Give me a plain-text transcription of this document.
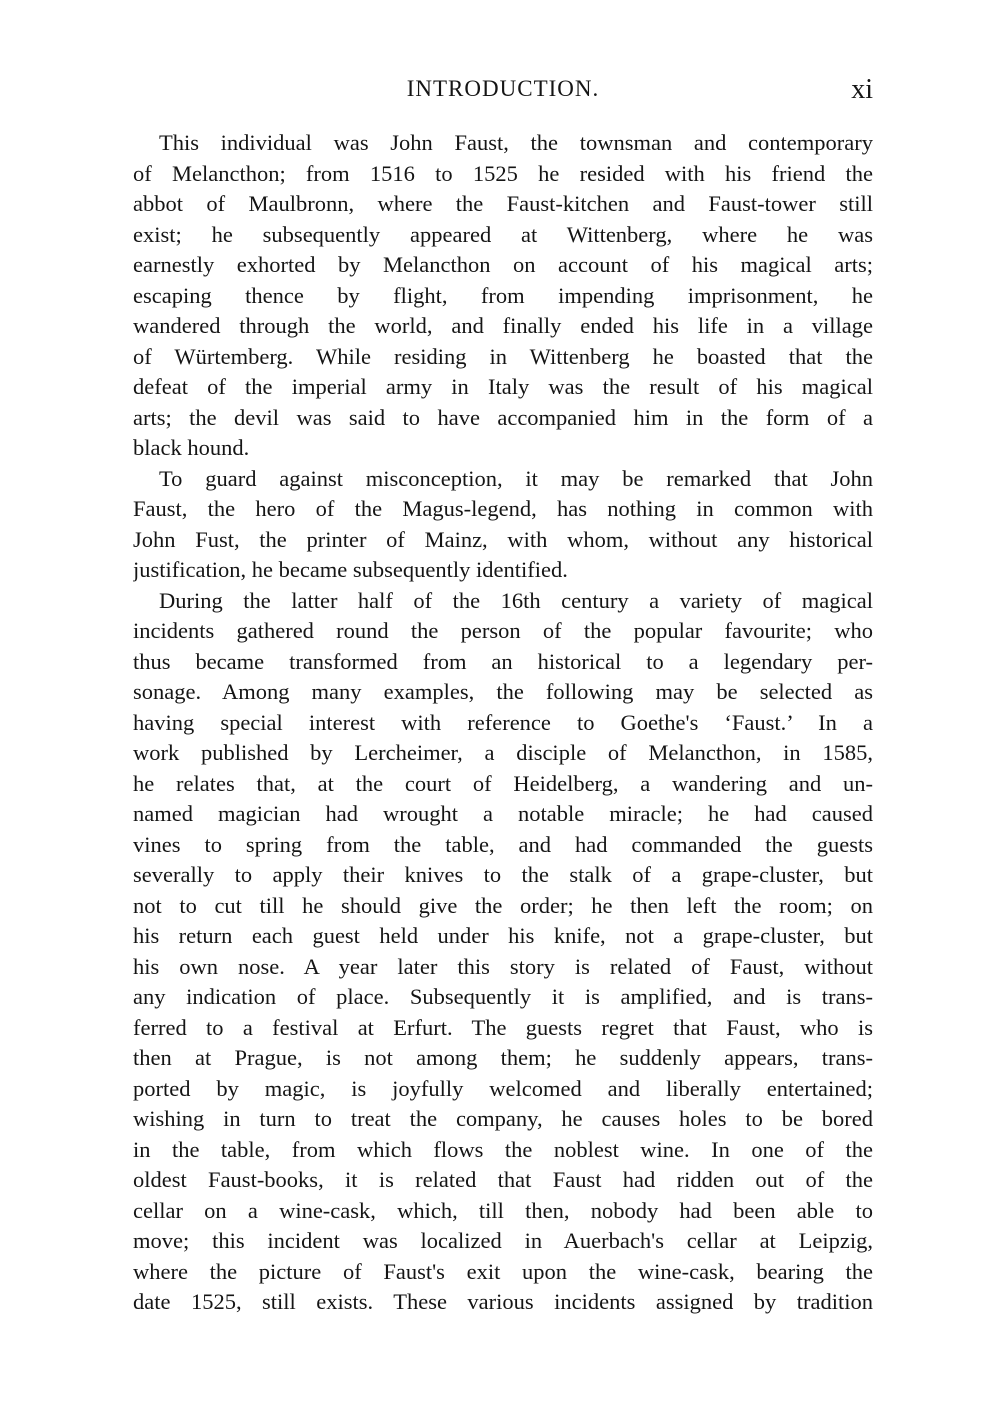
INTRODUCTION.	xi
This individual was John Faust, the townsman and contemporary
of Melancthon; from 1516 to 1525 he resided with his friend the
abbot of Maulbronn, where the Faust-kitchen and Faust-tower still
exist; he subsequently appeared at Wittenberg, where he was
earnestly exhorted by Melancthon on account of his magical arts;
escaping thence by flight, from impending imprisonment, he
wandered through the world, and finally ended his life in a village
of Würtemberg. While residing in Wittenberg he boasted that the
defeat of the imperial army in Italy was the result of his magical
arts; the devil was said to have accompanied him in the form of a
black hound.
To guard against misconception, it may be remarked that John
Faust, the hero of the Magus-legend, has nothing in common with
John Fust, the printer of Mainz, with whom, without any historical
justification, he became subsequently identified.
During the latter half of the 16th century a variety of magical
incidents gathered round the person of the popular favourite; who
thus became transformed from an historical to a legendary per-
sonage. Among many examples, the following may be selected as
having special interest with reference to Goethe's ‘Faust.’ In a
work published by Lercheimer, a disciple of Melancthon, in 1585,
he relates that, at the court of Heidelberg, a wandering and un-
named magician had wrought a notable miracle; he had caused
vines to spring from the table, and had commanded the guests
severally to apply their knives to the stalk of a grape-cluster, but
not to cut till he should give the order; he then left the room; on
his return each guest held under his knife, not a grape-cluster, but
his own nose. A year later this story is related of Faust, without
any indication of place. Subsequently it is amplified, and is trans-
ferred to a festival at Erfurt. The guests regret that Faust, who is
then at Prague, is not among them; he suddenly appears, trans-
ported by magic, is joyfully welcomed and liberally entertained;
wishing in turn to treat the company, he causes holes to be bored
in the table, from which flows the noblest wine. In one of the
oldest Faust-books, it is related that Faust had ridden out of the
cellar on a wine-cask, which, till then, nobody had been able to
move; this incident was localized in Auerbach's cellar at Leipzig,
where the picture of Faust's exit upon the wine-cask, bearing the
date 1525, still exists. These various incidents assigned by tradition
